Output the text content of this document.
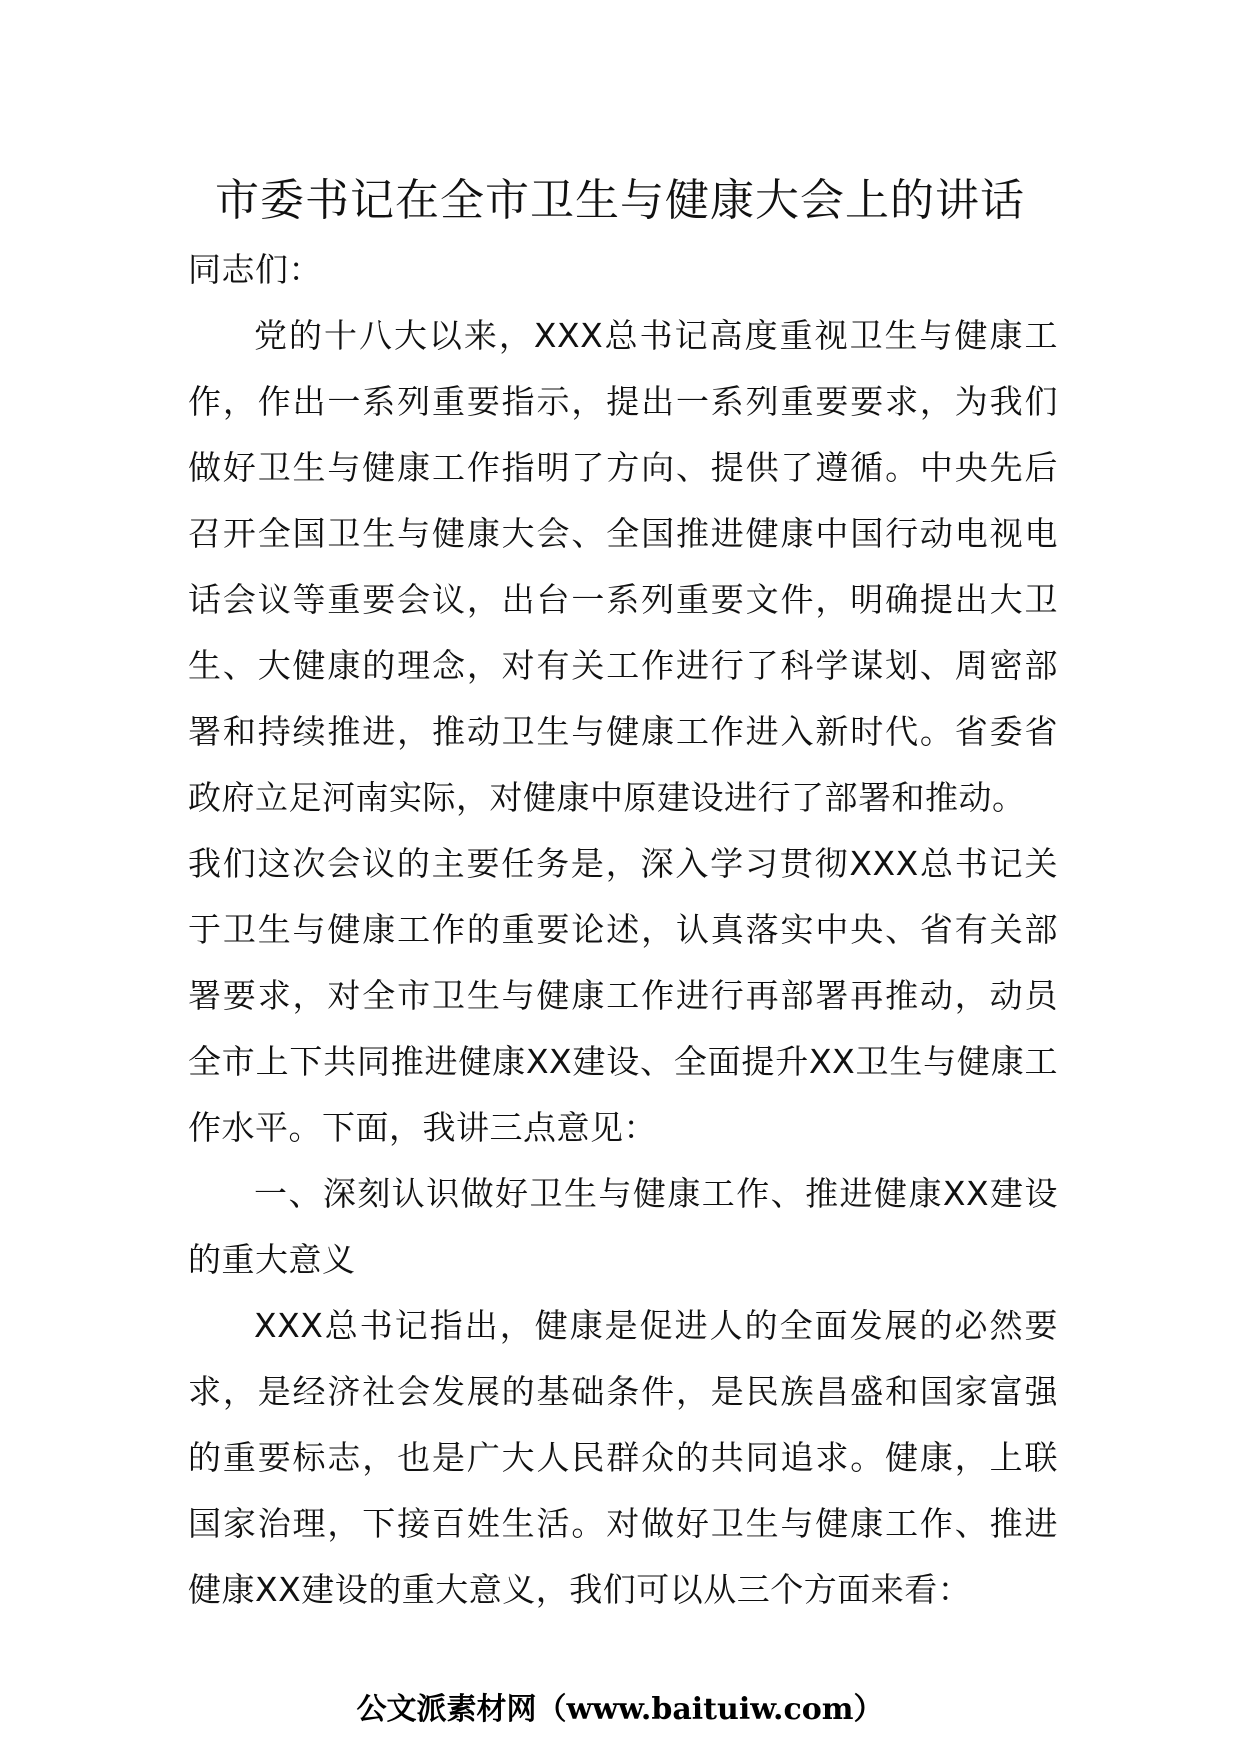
市委书记在全市卫生与健康大会上的讲话

同志们：

党的十八大以来，XXX总书记高度重视卫生与健康工作，作出一系列重要指示，提出一系列重要要求，为我们做好卫生与健康工作指明了方向、提供了遵循。中央先后召开全国卫生与健康大会、全国推进健康中国行动电视电话会议等重要会议，出台一系列重要文件，明确提出大卫生、大健康的理念，对有关工作进行了科学谋划、周密部署和持续推进，推动卫生与健康工作进入新时代。省委省政府立足河南实际，对健康中原建设进行了部署和推动。

我们这次会议的主要任务是，深入学习贯彻XXX总书记关于卫生与健康工作的重要论述，认真落实中央、省有关部署要求，对全市卫生与健康工作进行再部署再推动，动员全市上下共同推进健康XX建设、全面提升XX卫生与健康工作水平。下面，我讲三点意见：

一、深刻认识做好卫生与健康工作、推进健康XX建设的重大意义

XXX总书记指出，健康是促进人的全面发展的必然要求，是经济社会发展的基础条件，是民族昌盛和国家富强的重要标志，也是广大人民群众的共同追求。健康，上联国家治理，下接百姓生活。对做好卫生与健康工作、推进健康XX建设的重大意义，我们可以从三个方面来看：

公文派素材网（www.baituiw.com）
